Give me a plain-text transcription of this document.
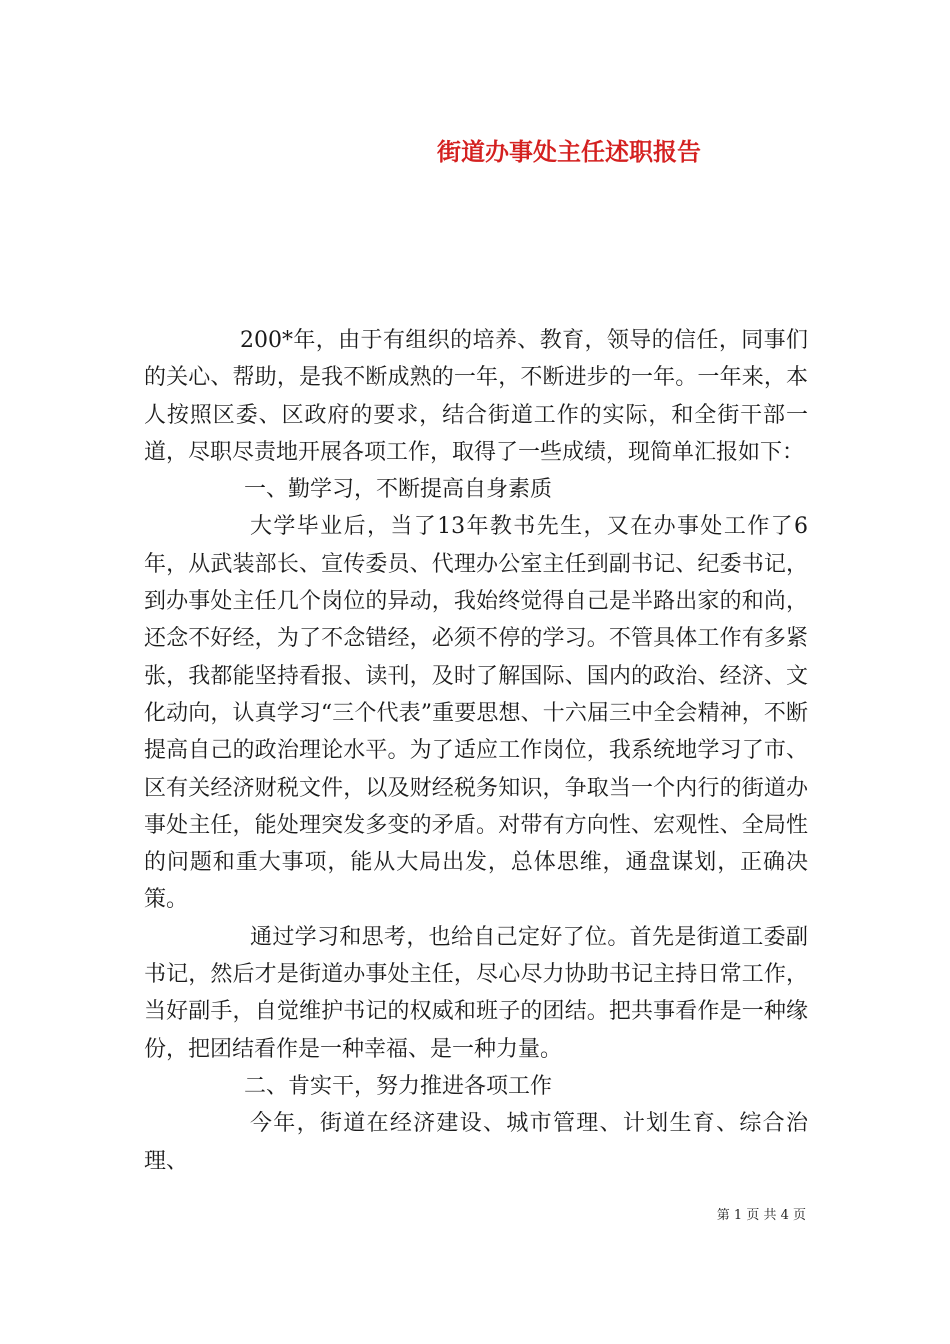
街道办事处主任述职报告

200*年，由于有组织的培养、教育，领导的信任，同事们的关心、帮助，是我不断成熟的一年，不断进步的一年。一年来，本人按照区委、区政府的要求，结合街道工作的实际，和全街干部一道，尽职尽责地开展各项工作，取得了一些成绩，现简单汇报如下：

一、勤学习，不断提高自身素质

大学毕业后，当了13年教书先生，又在办事处工作了6年，从武装部长、宣传委员、代理办公室主任到副书记、纪委书记，到办事处主任几个岗位的异动，我始终觉得自己是半路出家的和尚，还念不好经，为了不念错经，必须不停的学习。不管具体工作有多紧张，我都能坚持看报、读刊，及时了解国际、国内的政治、经济、文化动向，认真学习“三个代表”重要思想、十六届三中全会精神，不断提高自己的政治理论水平。为了适应工作岗位，我系统地学习了市、区有关经济财税文件，以及财经税务知识，争取当一个内行的街道办事处主任，能处理突发多变的矛盾。对带有方向性、宏观性、全局性的问题和重大事项，能从大局出发，总体思维，通盘谋划，正确决策。

通过学习和思考，也给自己定好了位。首先是街道工委副书记，然后才是街道办事处主任，尽心尽力协助书记主持日常工作，当好副手，自觉维护书记的权威和班子的团结。把共事看作是一种缘份，把团结看作是一种幸福、是一种力量。

二、肯实干，努力推进各项工作

今年，街道在经济建设、城市管理、计划生育、综合治理、

第 1 页 共 4 页
